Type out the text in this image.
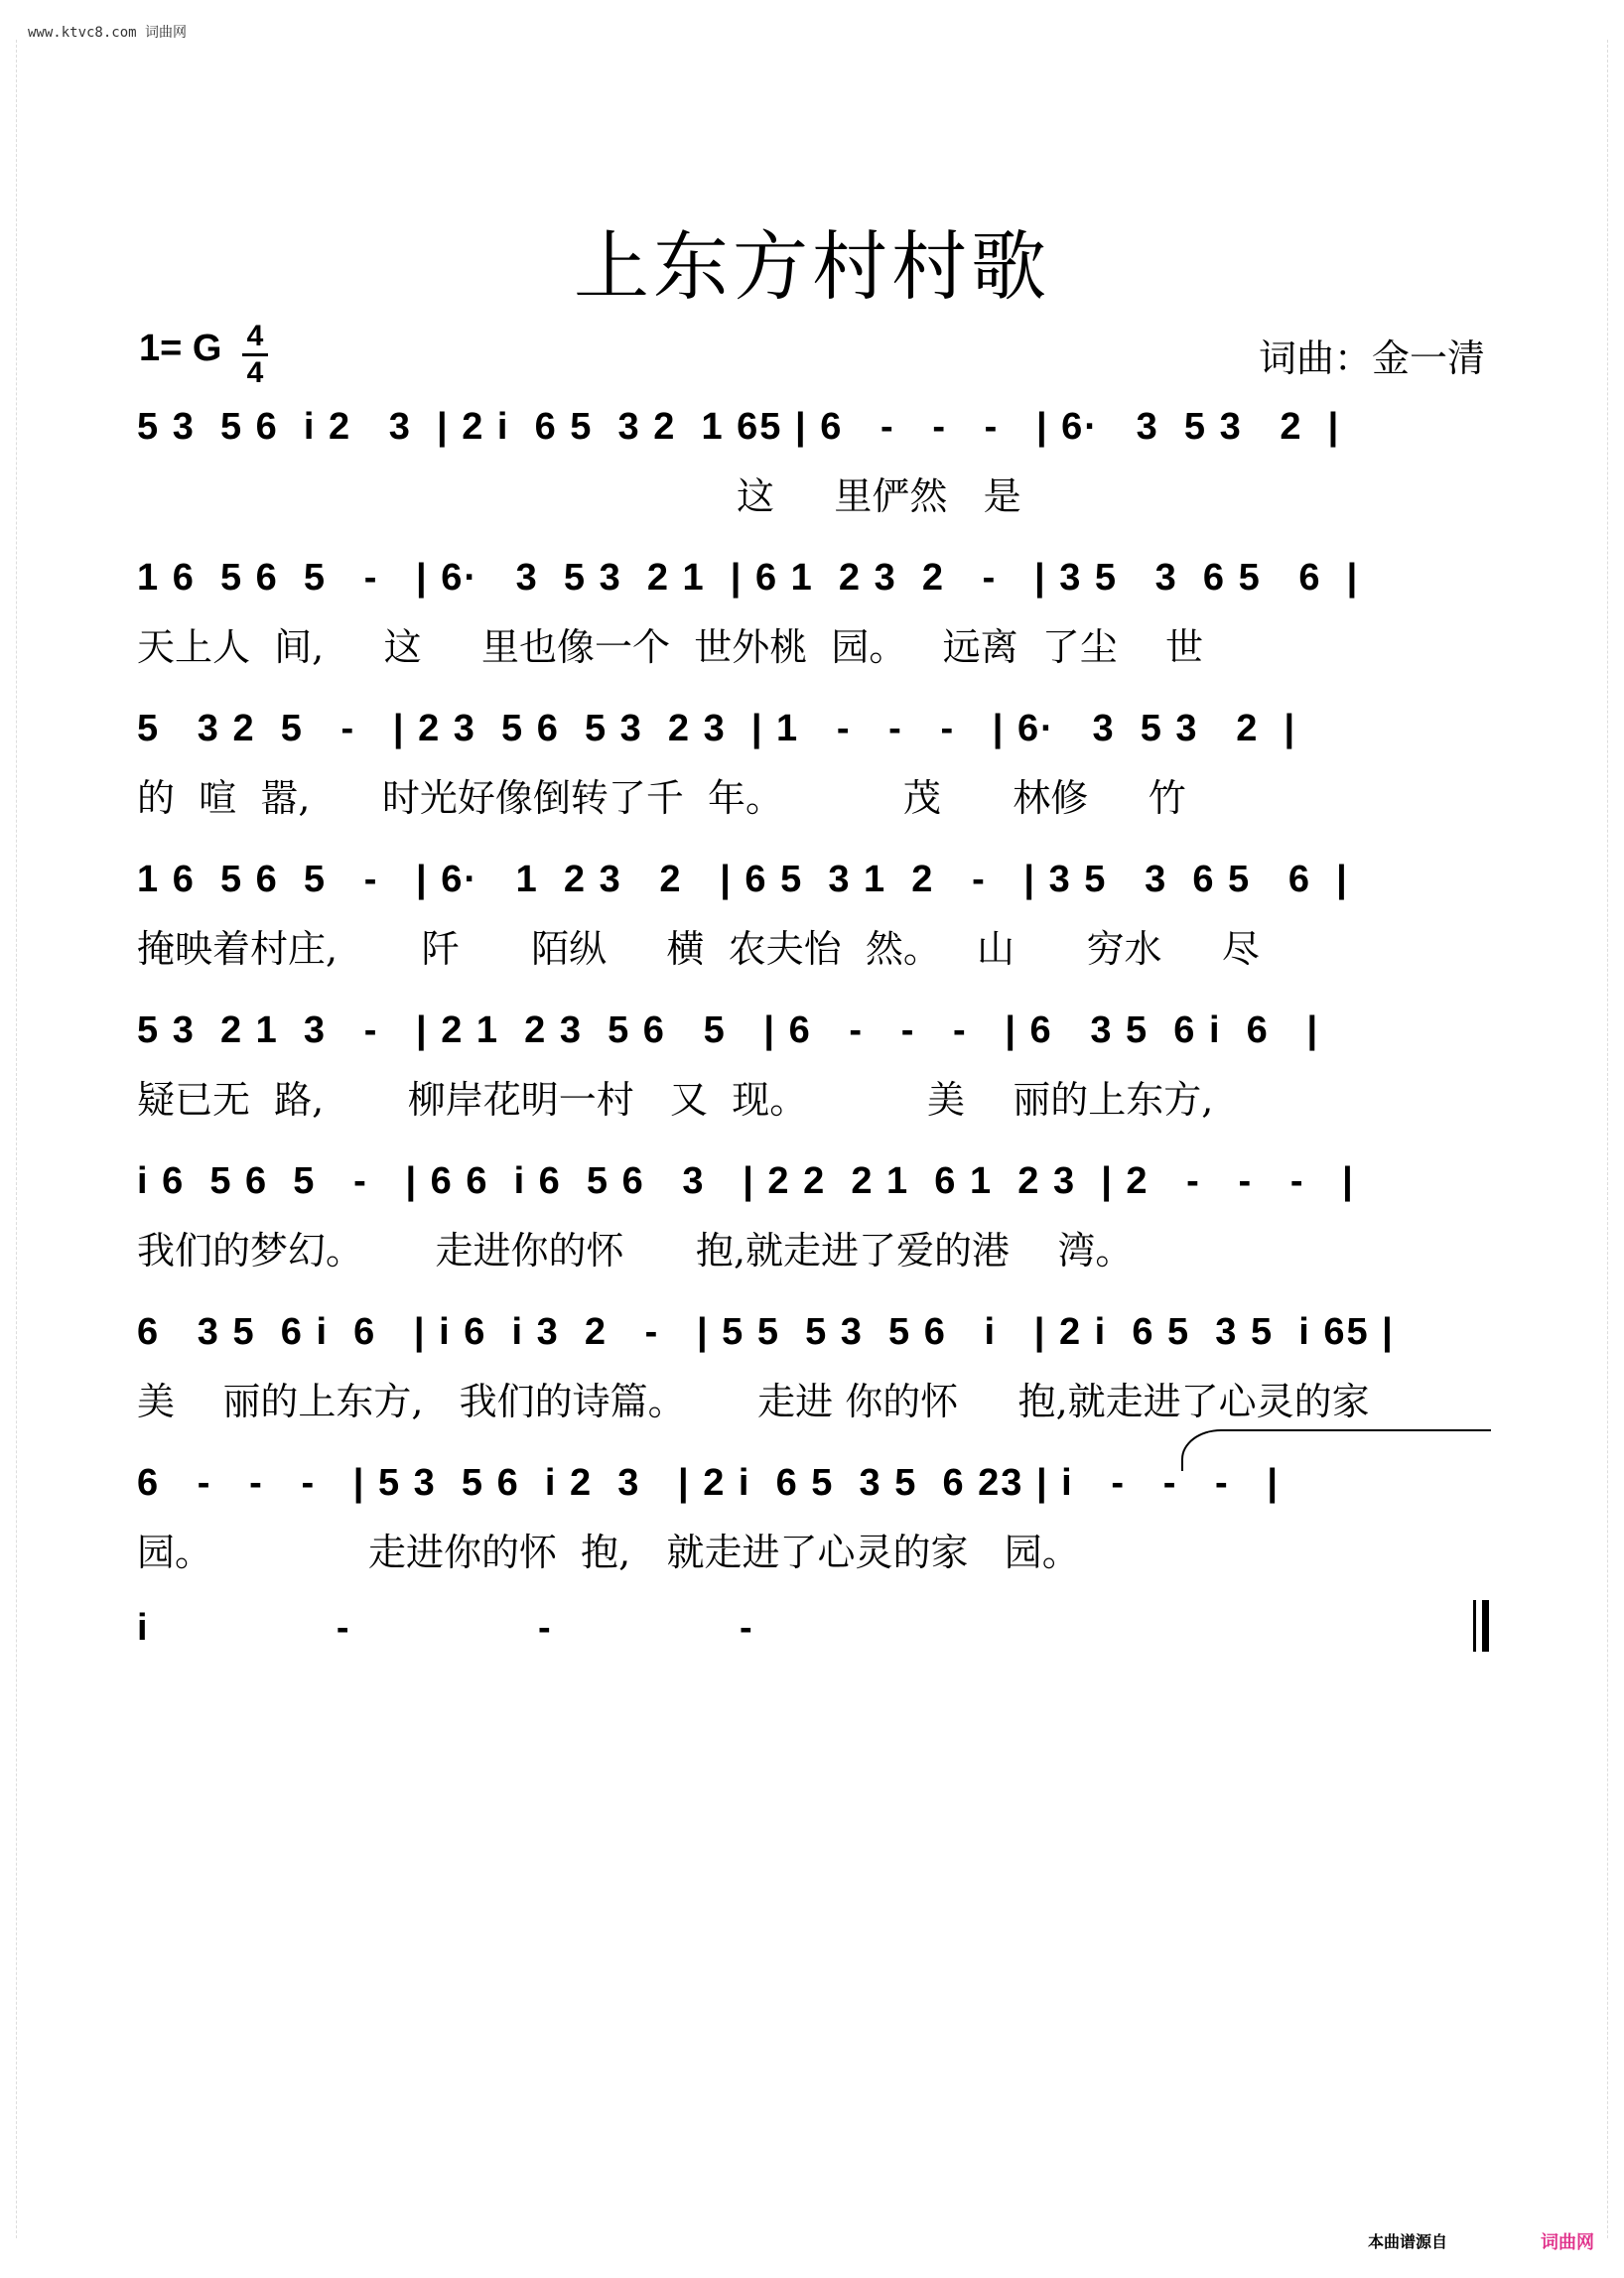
www.ktvc8.com 词曲网
上东方村村歌
1= G 4
4	词曲：金一清
5 3  5 6  i 2   3  | 2 i  6 5  3 2  1 65 | 6   -   -   -   | 6·   3  5 3   2  |
这     里俨然   是
1 6  5 6  5   -   | 6·   3  5 3  2 1  | 6 1  2 3  2   -   | 3 5   3  6 5   6  |
天上人  间,     这     里也像一个  世外桃  园。   远离  了尘    世
5   3 2  5   -   | 2 3  5 6  5 3  2 3  | 1   -   -   -   | 6·   3  5 3   2  |
的  喧  嚣,      时光好像倒转了千  年。          茂      林修     竹
1 6  5 6  5   -   | 6·   1  2 3   2   | 6 5  3 1  2   -   | 3 5   3  6 5   6  |
掩映着村庄,       阡      陌纵     横  农夫怡  然。   山      穷水     尽
5 3  2 1  3   -   | 2 1  2 3  5 6   5   | 6   -   -   -   | 6   3 5  6 i  6   |
疑已无  路,       柳岸花明一村   又  现。          美    丽的上东方,
i 6  5 6  5   -   | 6 6  i 6  5 6   3   | 2 2  2 1  6 1  2 3  | 2   -   -   -   |
我们的梦幻。      走进你的怀      抱,就走进了爱的港    湾。
6   3 5  6 i  6   | i 6  i 3  2   -   | 5 5  5 3  5 6   i   | 2 i  6 5  3 5  i 65 |
美    丽的上东方,   我们的诗篇。      走进 你的怀     抱,就走进了心灵的家
6   -   -   -   | 5 3  5 6  i 2  3   | 2 i  6 5  3 5  6 23 | i   -   -   -   |
园。             走进你的怀  抱,   就走进了心灵的家   园。
i               -               -               -
本曲谱源自	词曲网
